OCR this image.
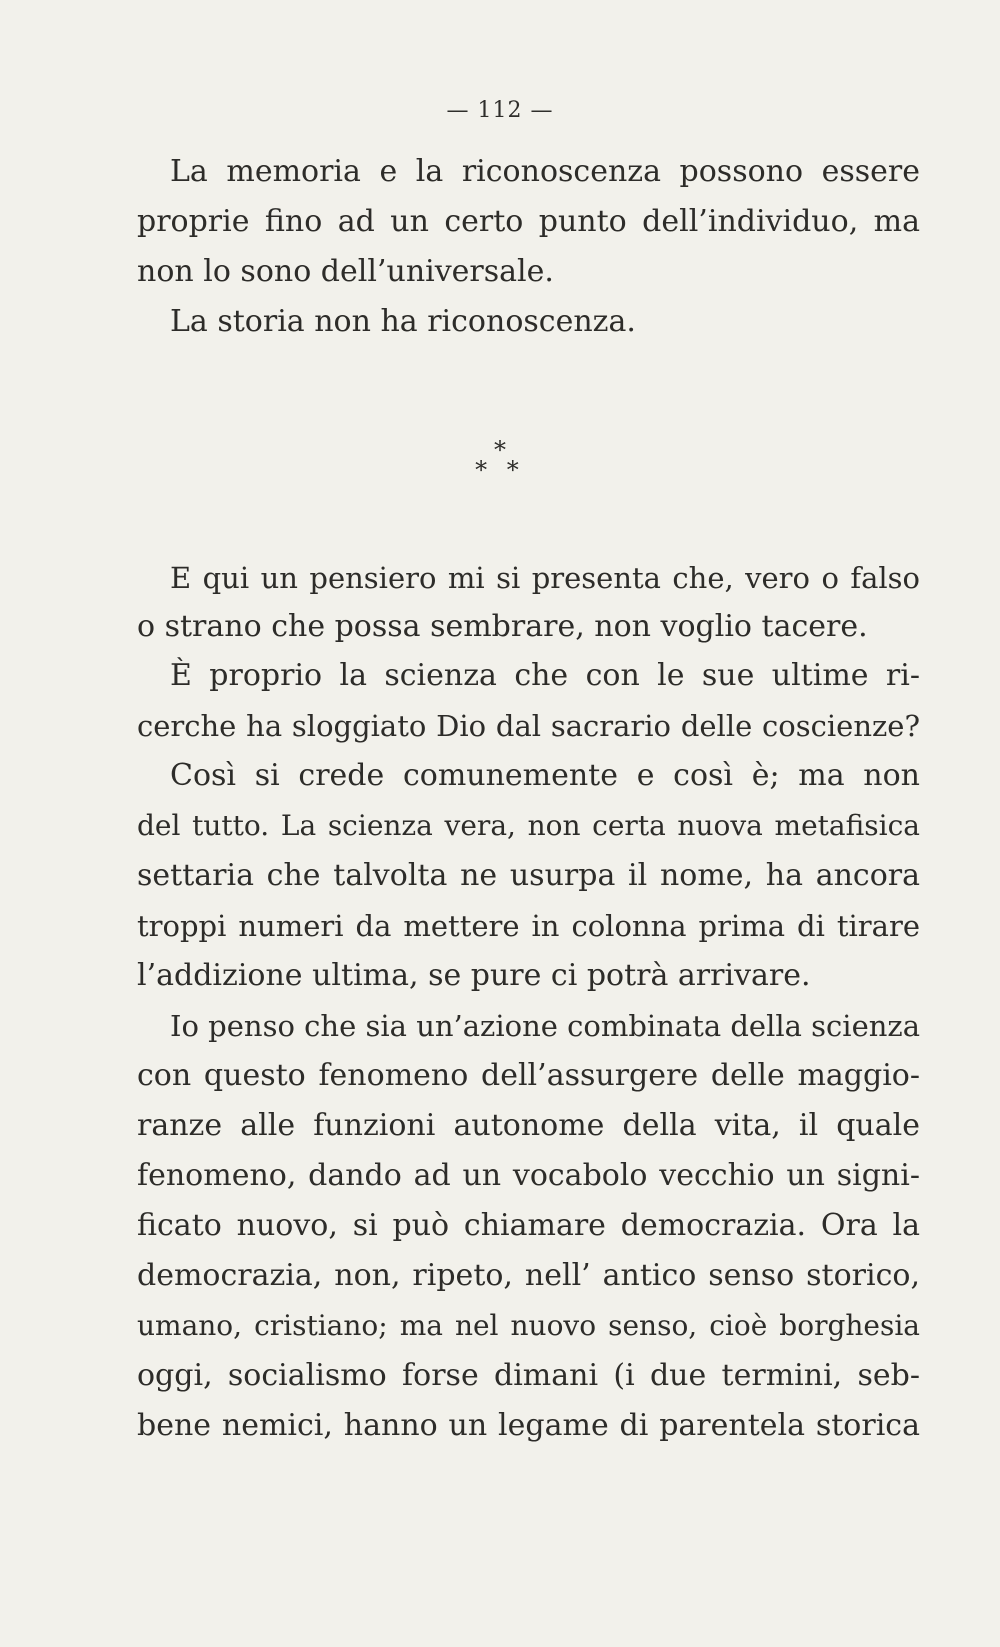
— 112 —
La memoria e la riconoscenza possono essere
proprie fino ad un certo punto dell’individuo, ma
non lo sono dell’universale.
La storia non ha riconoscenza.
*
* *
E qui un pensiero mi si presenta che, vero o falso
o strano che possa sembrare, non voglio tacere.
È proprio la scienza che con le sue ultime ri-
cerche ha sloggiato Dio dal sacrario delle coscienze?
Così si crede comunemente e così è; ma non
del tutto. La scienza vera, non certa nuova metafisica
settaria che talvolta ne usurpa il nome, ha ancora
troppi numeri da mettere in colonna prima di tirare
l’addizione ultima, se pure ci potrà arrivare.
Io penso che sia un’azione combinata della scienza
con questo fenomeno dell’assurgere delle maggio-
ranze alle funzioni autonome della vita, il quale
fenomeno, dando ad un vocabolo vecchio un signi-
ficato nuovo, si può chiamare democrazia. Ora la
democrazia, non, ripeto, nell’ antico senso storico,
umano, cristiano; ma nel nuovo senso, cioè borghesia
oggi, socialismo forse dimani (i due termini, seb-
bene nemici, hanno un legame di parentela storica
